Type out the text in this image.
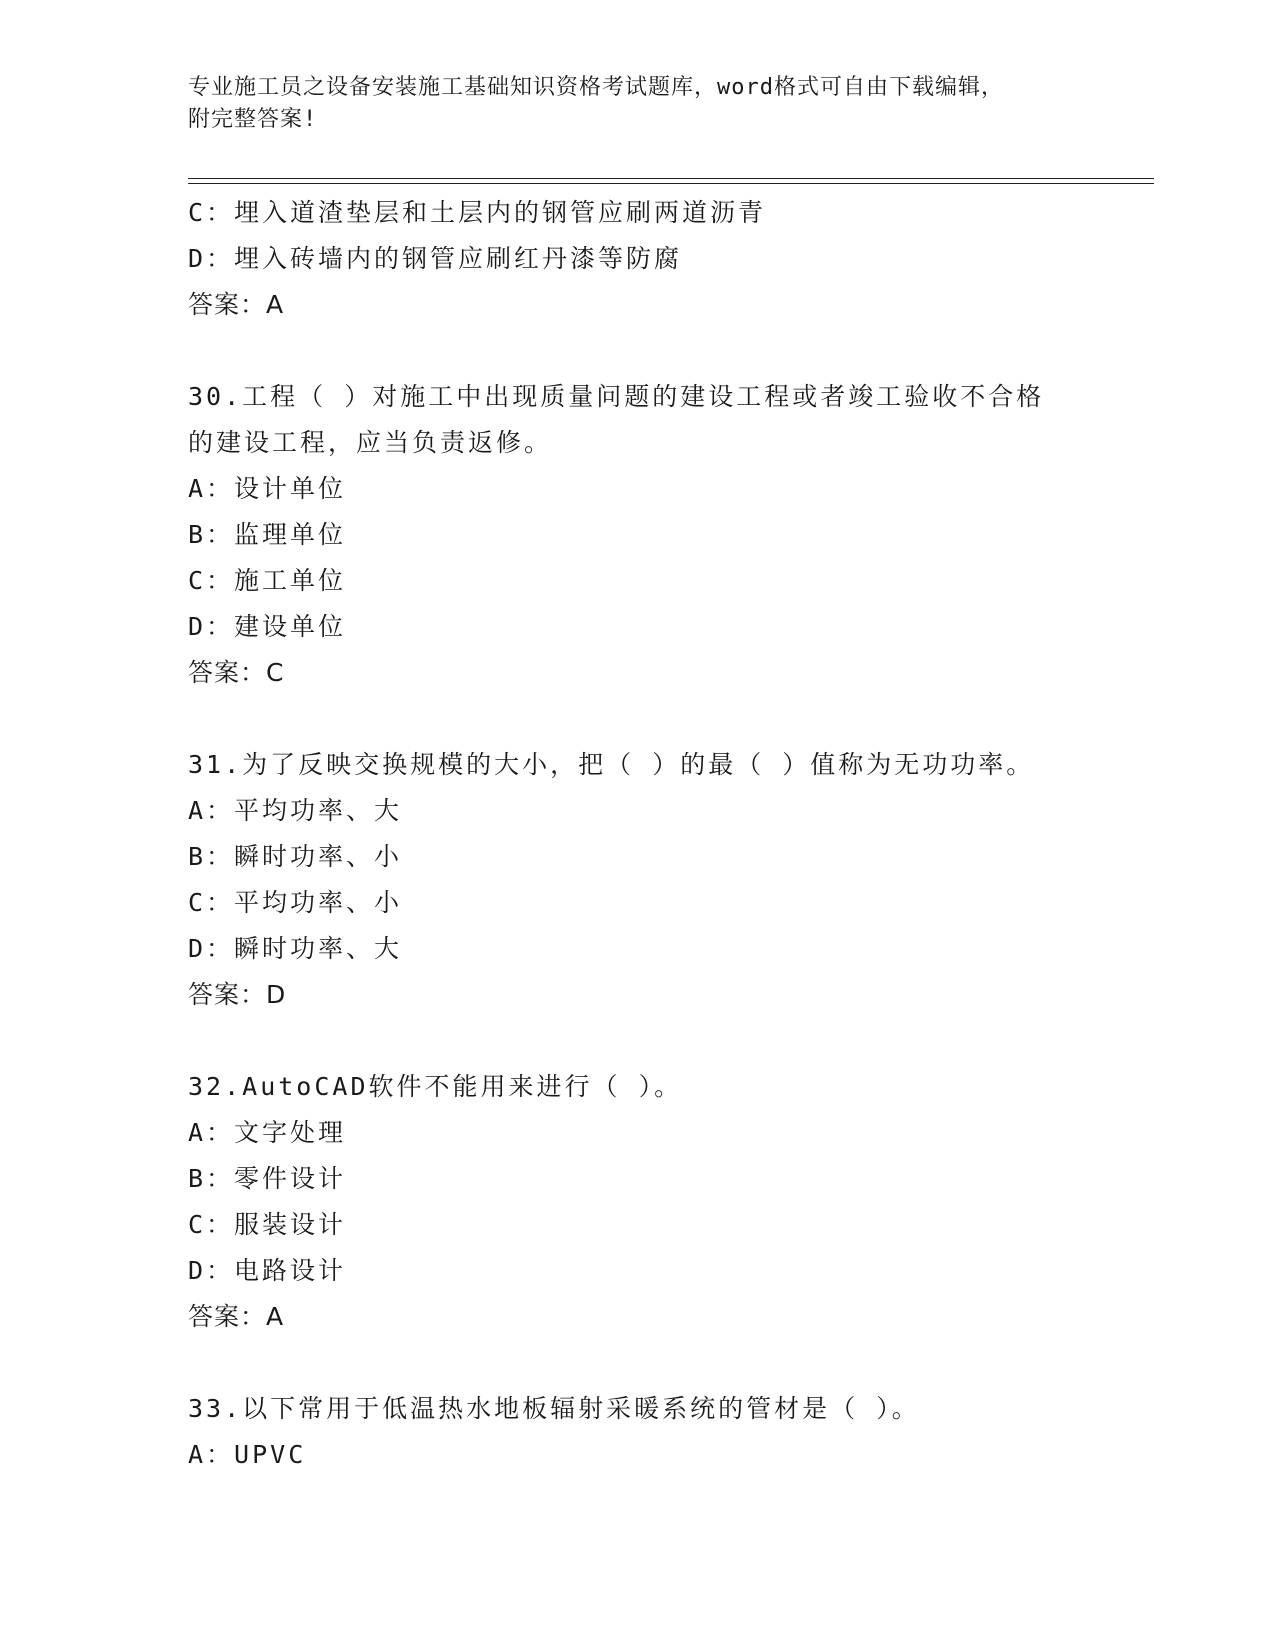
专业施工员之设备安装施工基础知识资格考试题库，word格式可自由下载编辑，
附完整答案!
C：埋入道渣垫层和土层内的钢管应刷两道沥青
D：埋入砖墙内的钢管应刷红丹漆等防腐
答案：A
30.工程（ ）对施工中出现质量问题的建设工程或者竣工验收不合格
的建设工程，应当负责返修。
A：设计单位
B：监理单位
C：施工单位
D：建设单位
答案：C
31.为了反映交换规模的大小，把（ ）的最（ ）值称为无功功率。
A：平均功率、大
B：瞬时功率、小
C：平均功率、小
D：瞬时功率、大
答案：D
32.AutoCAD软件不能用来进行（ ）。
A：文字处理
B：零件设计
C：服装设计
D：电路设计
答案：A
33.以下常用于低温热水地板辐射采暖系统的管材是（ ）。
A：UPVC
